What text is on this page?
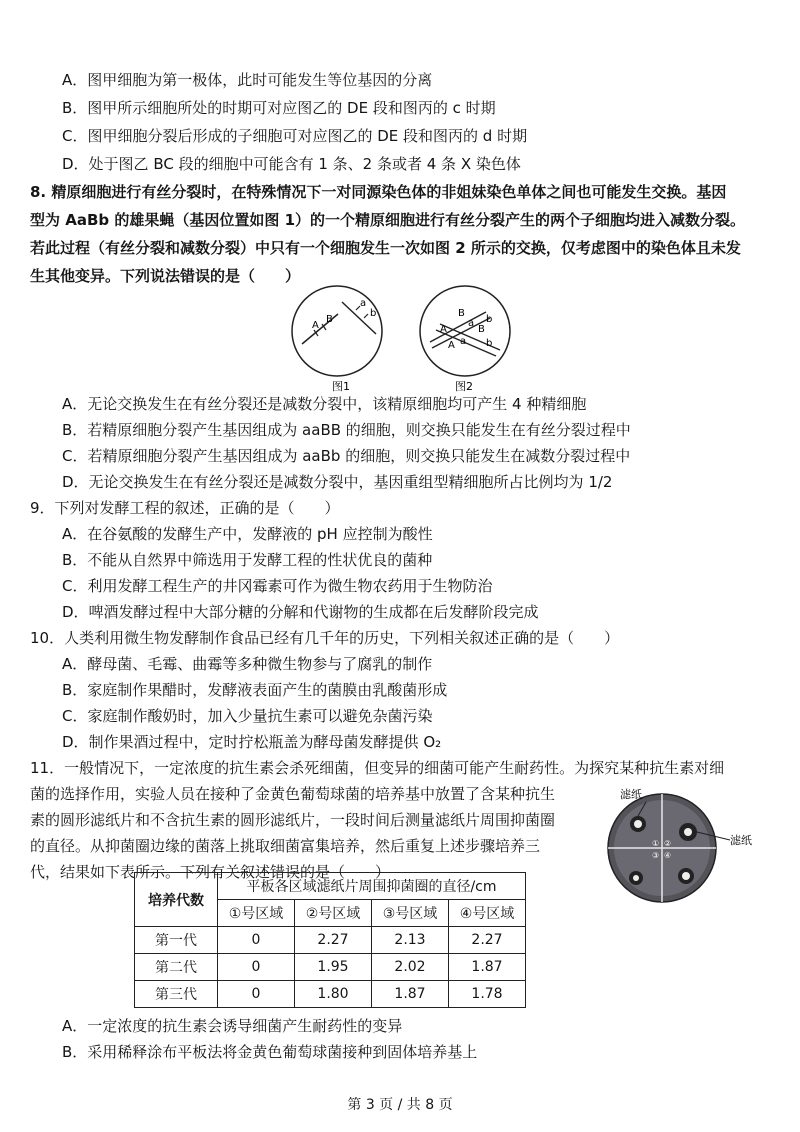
A．图甲细胞为第一极体，此时可能发生等位基因的分离
B．图甲所示细胞所处的时期可对应图乙的 DE 段和图丙的 c 时期
C．图甲细胞分裂后形成的子细胞可对应图乙的 DE 段和图丙的 d 时期
D．处于图乙 BC 段的细胞中可能含有 1 条、2 条或者 4 条 X 染色体
8. 精原细胞进行有丝分裂时，在特殊情况下一对同源染色体的非姐妹染色单体之间也可能发生交换。基因
型为 AaBb 的雄果蝇（基因位置如图 1）的一个精原细胞进行有丝分裂产生的两个子细胞均进入减数分裂。
若此过程（有丝分裂和减数分裂）中只有一个细胞发生一次如图 2 所示的交换，仅考虑图中的染色体且未发
生其他变异。下列说法错误的是（　　）
B
A
a
b
A
A
B
B
a
a
b
b
图1	图2
A．无论交换发生在有丝分裂还是减数分裂中，该精原细胞均可产生 4 种精细胞
B．若精原细胞分裂产生基因组成为 aaBB 的细胞，则交换只能发生在有丝分裂过程中
C．若精原细胞分裂产生基因组成为 aaBb 的细胞，则交换只能发生在减数分裂过程中
D．无论交换发生在有丝分裂还是减数分裂中，基因重组型精细胞所占比例均为 1/2
9．下列对发酵工程的叙述，正确的是（　　）
A．在谷氨酸的发酵生产中，发酵液的 pH 应控制为酸性
B．不能从自然界中筛选用于发酵工程的性状优良的菌种
C．利用发酵工程生产的井冈霉素可作为微生物农药用于生物防治
D．啤酒发酵过程中大部分糖的分解和代谢物的生成都在后发酵阶段完成
10．人类利用微生物发酵制作食品已经有几千年的历史，下列相关叙述正确的是（　　）
A．酵母菌、毛霉、曲霉等多种微生物参与了腐乳的制作
B．家庭制作果醋时，发酵液表面产生的菌膜由乳酸菌形成
C．家庭制作酸奶时，加入少量抗生素可以避免杂菌污染
D．制作果酒过程中，定时拧松瓶盖为酵母菌发酵提供 O₂
11．一般情况下，一定浓度的抗生素会杀死细菌，但变异的细菌可能产生耐药性。为探究某种抗生素对细
菌的选择作用，实验人员在接种了金黄色葡萄球菌的培养基中放置了含某种抗生
素的圆形滤纸片和不含抗生素的圆形滤纸片，一段时间后测量滤纸片周围抑菌圈
的直径。从抑菌圈边缘的菌落上挑取细菌富集培养，然后重复上述步骤培养三
代，结果如下表所示。下列有关叙述错误的是（　　）
① ②
③ ④
滤纸
滤纸
培养代数	平板各区域滤纸片周围抑菌圈的直径/cm			
	①号区域	②号区域	③号区域	④号区域
第一代	0	2.27	2.13	2.27
第二代	0	1.95	2.02	1.87
第三代	0	1.80	1.87	1.78
A．一定浓度的抗生素会诱导细菌产生耐药性的变异
B．采用稀释涂布平板法将金黄色葡萄球菌接种到固体培养基上
第 3 页 / 共 8 页
